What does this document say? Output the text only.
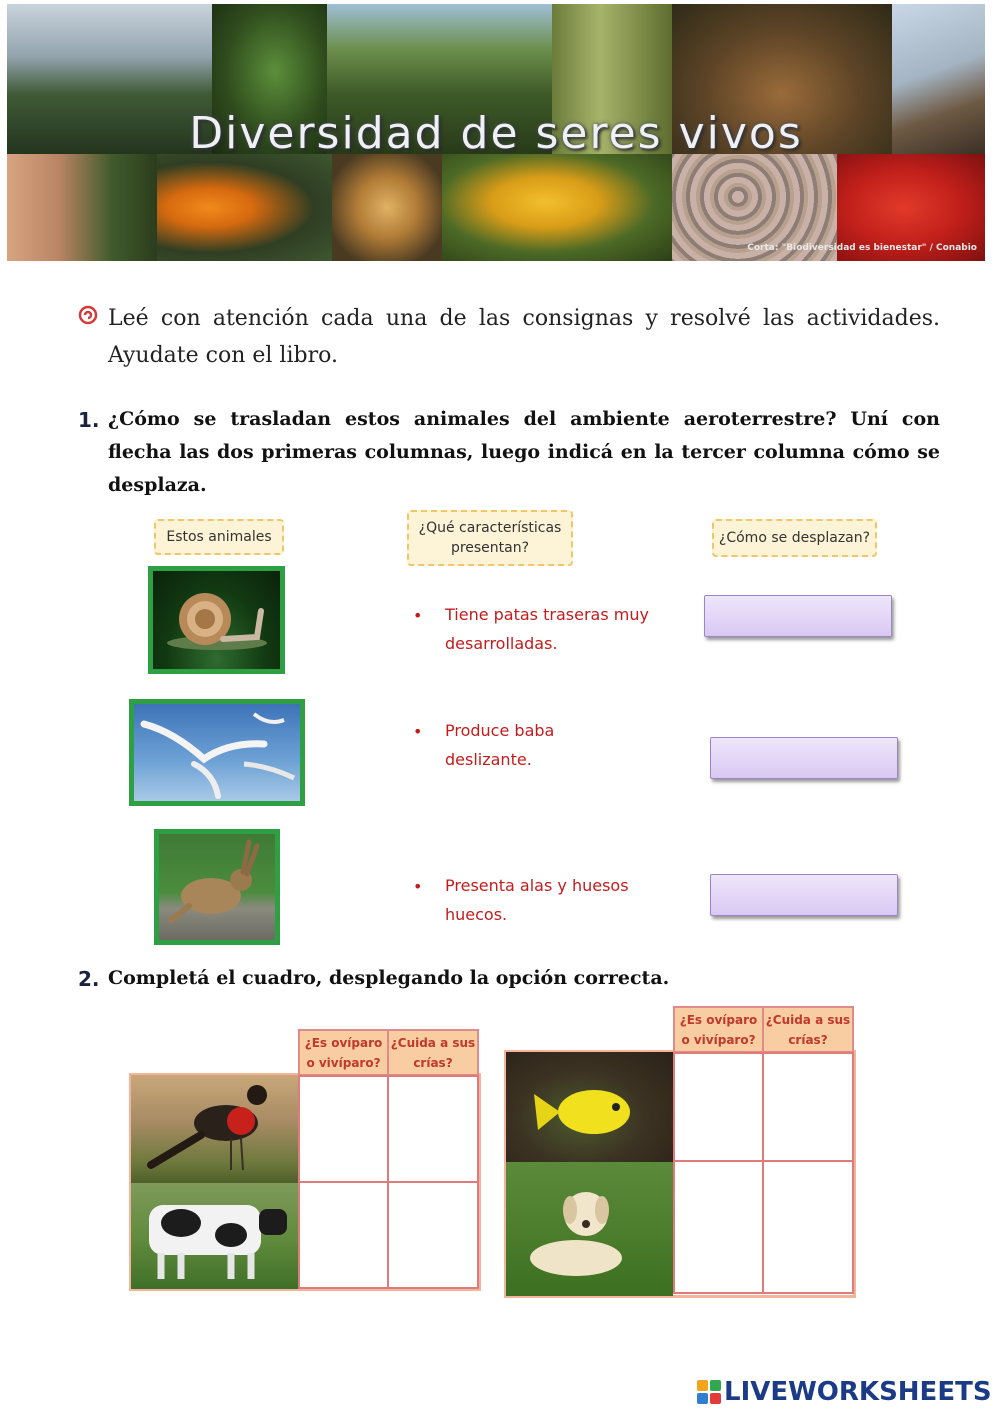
Diversidad de seres vivos
Corta: "Biodiversidad es bienestar" / Conabio

Leé con atención cada una de las consignas y resolvé las actividades. Ayudate con el libro.

1. ¿Cómo se trasladan estos animales del ambiente aeroterrestre? Uní con flecha las dos primeras columnas, luego indicá en la tercer columna cómo se desplaza.
Estos animales
¿Qué características presentan?
¿Cómo se desplazan?
• Tiene patas traseras muy desarrolladas.
• Produce baba deslizante.
• Presenta alas y huesos huecos.
2. Completá el cuadro, desplegando la opción correcta.
¿Es ovíparo o vivíparo?
¿Cuida a sus crías?
¿Es ovíparo o vivíparo?
¿Cuida a sus crías?
LIVEWORKSHEETS
